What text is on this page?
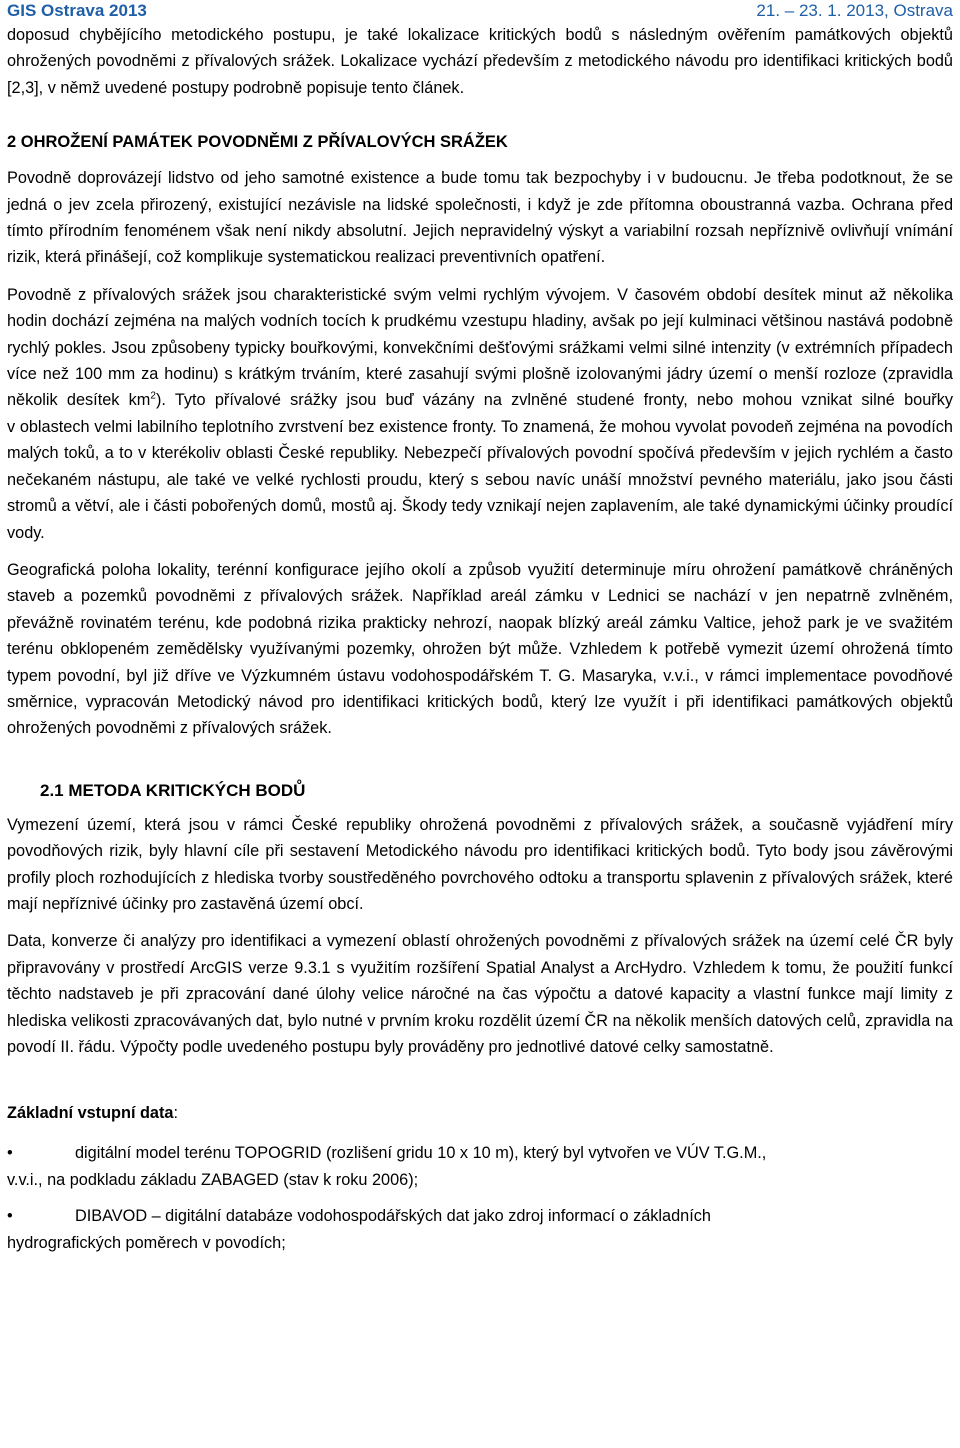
GIS Ostrava 2013	21. – 23. 1. 2013, Ostrava

doposud chybějícího metodického postupu, je také lokalizace kritických bodů s následným ověřením památkových objektů ohrožených povodněmi z přívalových srážek. Lokalizace vychází především z metodického návodu pro identifikaci kritických bodů [2,3], v němž uvedené postupy podrobně popisuje tento článek.

2 OHROŽENÍ PAMÁTEK POVODNĚMI Z PŘÍVALOVÝCH SRÁŽEK

Povodně doprovázejí lidstvo od jeho samotné existence a bude tomu tak bezpochyby i v budoucnu. Je třeba podotknout, že se jedná o jev zcela přirozený, existující nezávisle na lidské společnosti, i když je zde přítomna oboustranná vazba. Ochrana před tímto přírodním fenoménem však není nikdy absolutní. Jejich nepravidelný výskyt a variabilní rozsah nepříznivě ovlivňují vnímání rizik, která přinášejí, což komplikuje systematickou realizaci preventivních opatření.

Povodně z přívalových srážek jsou charakteristické svým velmi rychlým vývojem. V časovém období desítek minut až několika hodin dochází zejména na malých vodních tocích k prudkému vzestupu hladiny, avšak po její kulminaci většinou nastává podobně rychlý pokles. Jsou způsobeny typicky bouřkovými, konvekčními dešťovými srážkami velmi silné intenzity (v extrémních případech více než 100 mm za hodinu) s krátkým trváním, které zasahují svými plošně izolovanými jádry území o menší rozloze (zpravidla několik desítek $km^2$). Tyto přívalové srážky jsou buď vázány na zvlněné studené fronty, nebo mohou vznikat silné bouřky v oblastech velmi labilního teplotního zvrstvení bez existence fronty. To znamená, že mohou vyvolat povodeň zejména na povodích malých toků, a to v kterékoliv oblasti České republiky. Nebezpečí přívalových povodní spočívá především v jejich rychlém a často nečekaném nástupu, ale také ve velké rychlosti proudu, který s sebou navíc unáší množství pevného materiálu, jako jsou části stromů a větví, ale i části pobořených domů, mostů aj. Škody tedy vznikají nejen zaplavením, ale také dynamickými účinky proudící vody.

Geografická poloha lokality, terénní konfigurace jejího okolí a způsob využití determinuje míru ohrožení památkově chráněných staveb a pozemků povodněmi z přívalových srážek. Například areál zámku v Lednici se nachází v jen nepatrně zvlněném, převážně rovinatém terénu, kde podobná rizika prakticky nehrozí, naopak blízký areál zámku Valtice, jehož park je ve svažitém terénu obklopeném zemědělsky využívanými pozemky, ohrožen být může. Vzhledem k potřebě vymezit území ohrožená tímto typem povodní, byl již dříve ve Výzkumném ústavu vodohospodářském T. G. Masaryka, v.v.i., v rámci implementace povodňové směrnice, vypracován Metodický návod pro identifikaci kritických bodů, který lze využít i při identifikaci památkových objektů ohrožených povodněmi z přívalových srážek.

2.1 METODA KRITICKÝCH BODŮ

Vymezení území, která jsou v rámci České republiky ohrožená povodněmi z přívalových srážek, a současně vyjádření míry povodňových rizik, byly hlavní cíle při sestavení Metodického návodu pro identifikaci kritických bodů. Tyto body jsou závěrovými profily ploch rozhodujících z hlediska tvorby soustředěného povrchového odtoku a transportu splavenin z přívalových srážek, které mají nepříznivé účinky pro zastavěná území obcí.

Data, konverze či analýzy pro identifikaci a vymezení oblastí ohrožených povodněmi z přívalových srážek na území celé ČR byly připravovány v prostředí ArcGIS verze 9.3.1 s využitím rozšíření Spatial Analyst a ArcHydro. Vzhledem k tomu, že použití funkcí těchto nadstaveb je při zpracování dané úlohy velice náročné na čas výpočtu a datové kapacity a vlastní funkce mají limity z hlediska velikosti zpracovávaných dat, bylo nutné v prvním kroku rozdělit území ČR na několik menších datových celů, zpravidla na povodí II. řádu. Výpočty podle uvedeného postupu byly prováděny pro jednotlivé datové celky samostatně.

Základní vstupní data:
•	digitální model terénu TOPOGRID (rozlišení gridu 10 x 10 m), který byl vytvořen ve VÚV T.G.M.,
v.v.i., na podkladu základu ZABAGED (stav k roku 2006);
•	DIBAVOD – digitální databáze vodohospodářských dat jako zdroj informací o základních
hydrografických poměrech v povodích;
